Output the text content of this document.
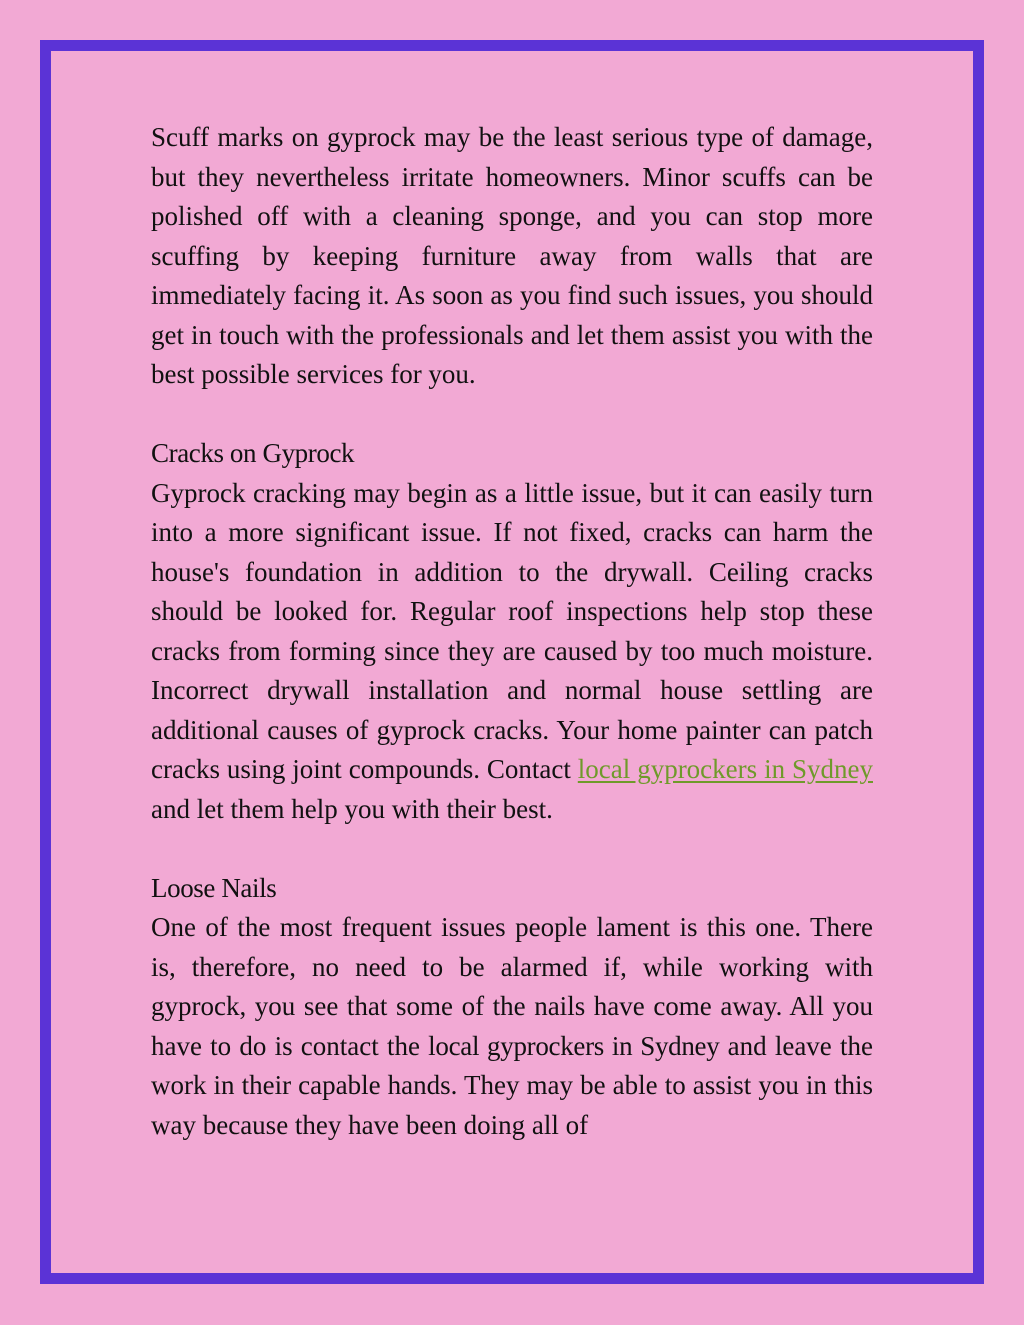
Scuff marks on gyprock may be the least serious type of damage, but they nevertheless irritate homeowners. Minor scuffs can be polished off with a cleaning sponge, and you can stop more scuffing by keeping furniture away from walls that are immediately facing it. As soon as you find such issues, you should get in touch with the professionals and let them assist you with the best possible services for you.

Cracks on Gyprock

Gyprock cracking may begin as a little issue, but it can easily turn into a more significant issue. If not fixed, cracks can harm the house's foundation in addition to the drywall. Ceiling cracks should be looked for. Regular roof inspections help stop these cracks from forming since they are caused by too much moisture. Incorrect drywall installation and normal house settling are additional causes of gyprock cracks. Your home painter can patch cracks using joint compounds. Contact local gyprockers in Sydney and let them help you with their best.

Loose Nails

One of the most frequent issues people lament is this one. There is, therefore, no need to be alarmed if, while working with gyprock, you see that some of the nails have come away. All you have to do is contact the local gyprockers in Sydney and leave the work in their capable hands. They may be able to assist you in this way because they have been doing all of
